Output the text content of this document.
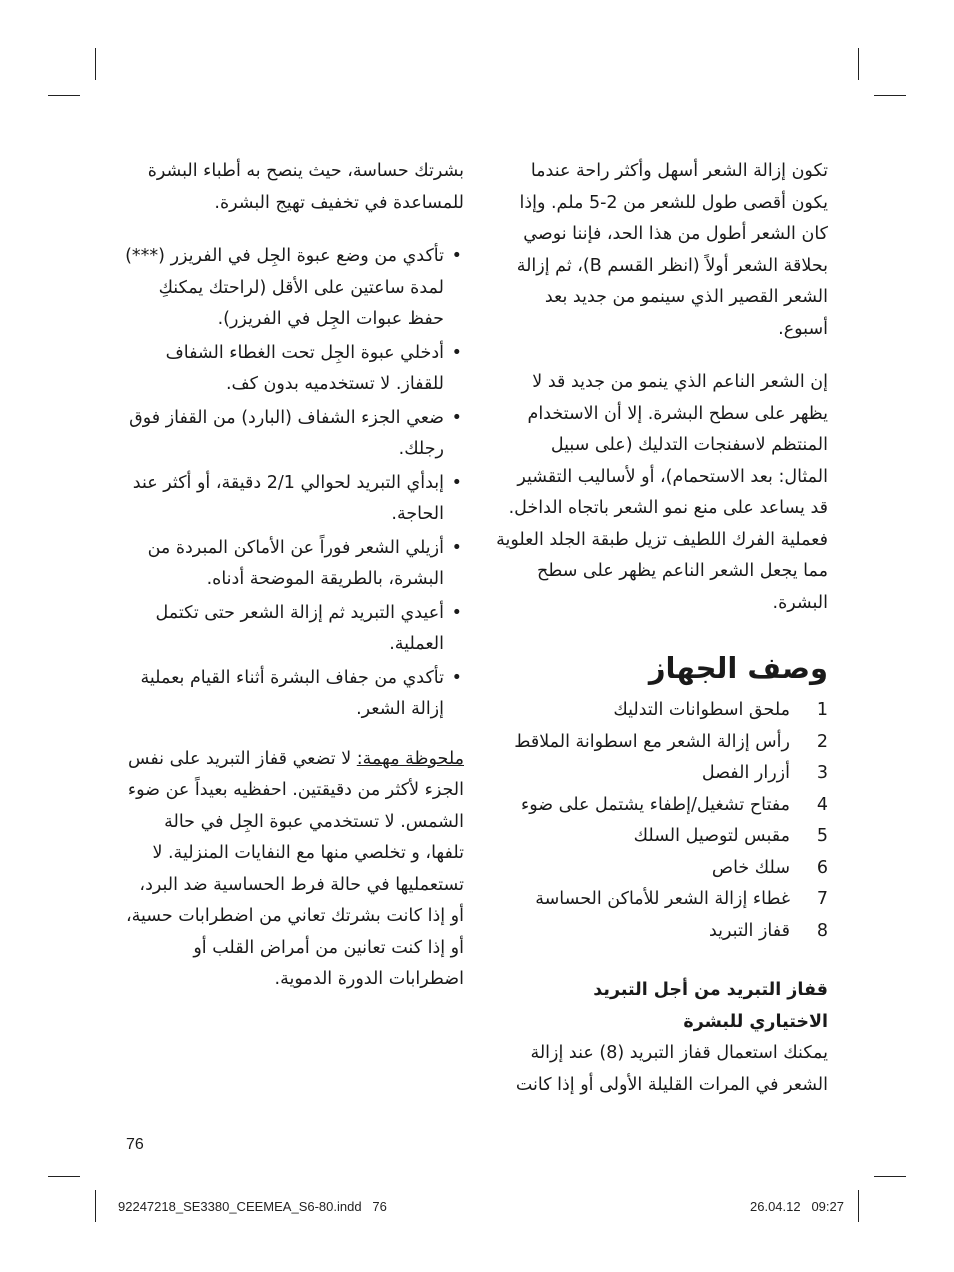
تكون إزالة الشعر أسهل وأكثر راحة عندما يكون أقصى طول للشعر من 2-5 ملم. وإذا كان الشعر أطول من هذا الحد، فإننا نوصي بحلاقة الشعر أولاً (انظر القسم B)، ثم إزالة الشعر القصير الذي سينمو من جديد بعد أسبوع.

إن الشعر الناعم الذي ينمو من جديد قد لا يظهر على سطح البشرة. إلا أن الاستخدام المنتظم لاسفنجات التدليك (على سبيل المثال: بعد الاستحمام)، أو لأساليب التقشير قد يساعد على منع نمو الشعر باتجاه الداخل. فعملية الفرك اللطيف تزيل طبقة الجلد العلوية مما يجعل الشعر الناعم يظهر على سطح البشرة.

وصف الجهاز
1
ملحق اسطوانات التدليك
2
رأس إزالة الشعر مع اسطوانة الملاقط
3
أزرار الفصل
4
مفتاح تشغيل/إطفاء يشتمل على ضوء
5
مقبس لتوصيل السلك
6
سلك خاص
7
غطاء إزالة الشعر للأماكن الحساسة
8
قفاز التبريد
قفاز التبريد من أجل التبريد
الاختياري للبشرة

يمكنك استعمال قفاز التبريد (8) عند إزالة الشعر في المرات القليلة الأولى أو إذا كانت

بشرتك حساسة، حيث ينصح به أطباء البشرة للمساعدة في تخفيف تهيج البشرة.

•
تأكدي من وضع عبوة الجِل في الفريزر (***) لمدة ساعتين على الأقل (لراحتك يمكنكِ حفظ عبوات الجِل في الفريزر).
•
أدخلي عبوة الجِل تحت الغطاء الشفاف للقفاز. لا تستخدميه بدون كف.
•
ضعي الجزء الشفاف (البارد) من القفاز فوق رجلك.
•
إبدأي التبريد لحوالي 2/1 دقيقة، أو أكثر عند الحاجة.
•
أزيلي الشعر فوراً عن الأماكن المبردة من البشرة، بالطريقة الموضحة أدناه.
•
أعيدي التبريد ثم إزالة الشعر حتى تكتمل العملية.
•
تأكدي من جفاف البشرة أثناء القيام بعملية إزالة الشعر.

ملحوظة مهمة: لا تضعي قفاز التبريد على نفس الجزء لأكثر من دقيقتين. احفظيه بعيداً عن ضوء الشمس. لا تستخدمي عبوة الجِل في حالة تلفها، و تخلصي منها مع النفايات المنزلية. لا تستعمليها في حالة فرط الحساسية ضد البرد، أو إذا كانت بشرتك تعاني من اضطرابات حسية، أو إذا كنت تعانين من أمراض القلب أو اضطرابات الدورة الدموية.

76
92247218_SE3380_CEEMEA_S6-80.indd   76	26.04.12   09:27
